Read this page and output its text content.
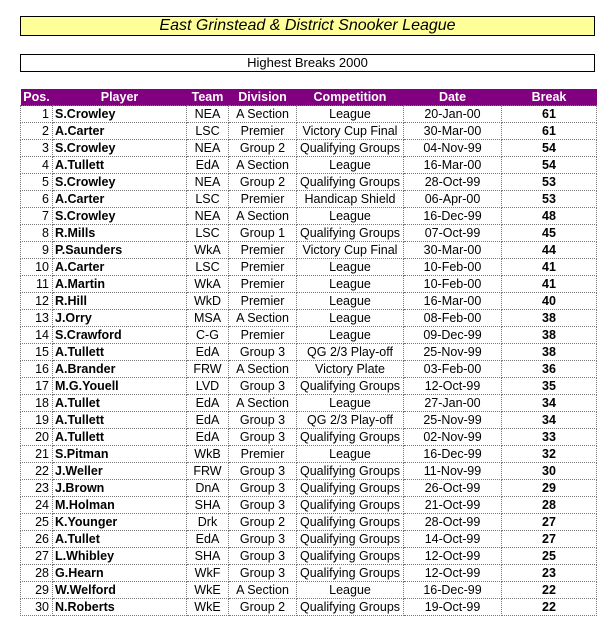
East Grinstead & District Snooker League
Highest Breaks 2000
Pos.	Player	Team	Division	Competition	Date	Break
1	S.Crowley	NEA	A Section	League	20-Jan-00	61
2	A.Carter	LSC	Premier	Victory Cup Final	30-Mar-00	61
3	S.Crowley	NEA	Group 2	Qualifying Groups	04-Nov-99	54
4	A.Tullett	EdA	A Section	League	16-Mar-00	54
5	S.Crowley	NEA	Group 2	Qualifying Groups	28-Oct-99	53
6	A.Carter	LSC	Premier	Handicap Shield	06-Apr-00	53
7	S.Crowley	NEA	A Section	League	16-Dec-99	48
8	R.Mills	LSC	Group 1	Qualifying Groups	07-Oct-99	45
9	P.Saunders	WkA	Premier	Victory Cup Final	30-Mar-00	44
10	A.Carter	LSC	Premier	League	10-Feb-00	41
11	A.Martin	WkA	Premier	League	10-Feb-00	41
12	R.Hill	WkD	Premier	League	16-Mar-00	40
13	J.Orry	MSA	A Section	League	08-Feb-00	38
14	S.Crawford	C-G	Premier	League	09-Dec-99	38
15	A.Tullett	EdA	Group 3	QG 2/3 Play-off	25-Nov-99	38
16	A.Brander	FRW	A Section	Victory Plate	03-Feb-00	36
17	M.G.Youell	LVD	Group 3	Qualifying Groups	12-Oct-99	35
18	A.Tullet	EdA	A Section	League	27-Jan-00	34
19	A.Tullett	EdA	Group 3	QG 2/3 Play-off	25-Nov-99	34
20	A.Tullett	EdA	Group 3	Qualifying Groups	02-Nov-99	33
21	S.Pitman	WkB	Premier	League	16-Dec-99	32
22	J.Weller	FRW	Group 3	Qualifying Groups	11-Nov-99	30
23	J.Brown	DnA	Group 3	Qualifying Groups	26-Oct-99	29
24	M.Holman	SHA	Group 3	Qualifying Groups	21-Oct-99	28
25	K.Younger	Drk	Group 2	Qualifying Groups	28-Oct-99	27
26	A.Tullet	EdA	Group 3	Qualifying Groups	14-Oct-99	27
27	L.Whibley	SHA	Group 3	Qualifying Groups	12-Oct-99	25
28	G.Hearn	WkF	Group 3	Qualifying Groups	12-Oct-99	23
29	W.Welford	WkE	A Section	League	16-Dec-99	22
30	N.Roberts	WkE	Group 2	Qualifying Groups	19-Oct-99	22
